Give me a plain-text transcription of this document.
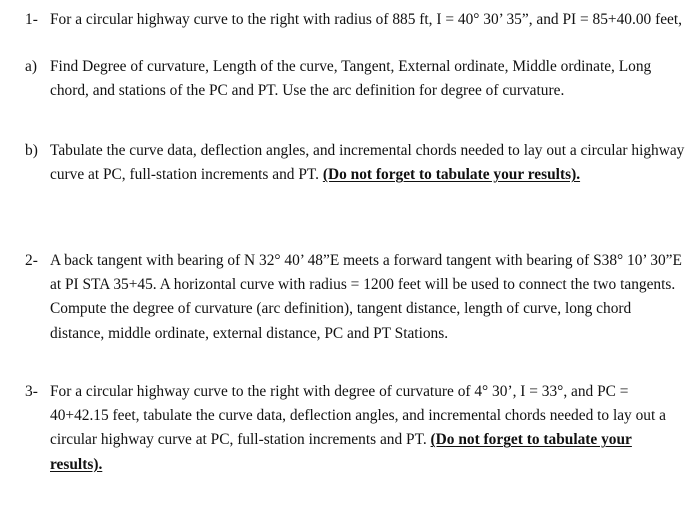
1- For a circular highway curve to the right with radius of 885 ft, I = 40° 30’ 35”, and PI = 85+40.00 feet,
a) Find Degree of curvature, Length of the curve, Tangent, External ordinate, Middle ordinate, Long chord, and stations of the PC and PT. Use the arc definition for degree of curvature.
b) Tabulate the curve data, deflection angles, and incremental chords needed to lay out a circular highway curve at PC, full-station increments and PT. (Do not forget to tabulate your results).
2- A back tangent with bearing of N 32° 40’ 48”E meets a forward tangent with bearing of S38° 10’ 30”E at PI STA 35+45. A horizontal curve with radius = 1200 feet will be used to connect the two tangents. Compute the degree of curvature (arc definition), tangent distance, length of curve, long chord distance, middle ordinate, external distance, PC and PT Stations.
3- For a circular highway curve to the right with degree of curvature of 4° 30’, I = 33°, and PC = 40+42.15 feet, tabulate the curve data, deflection angles, and incremental chords needed to lay out a circular highway curve at PC, full-station increments and PT. (Do not forget to tabulate your results).
